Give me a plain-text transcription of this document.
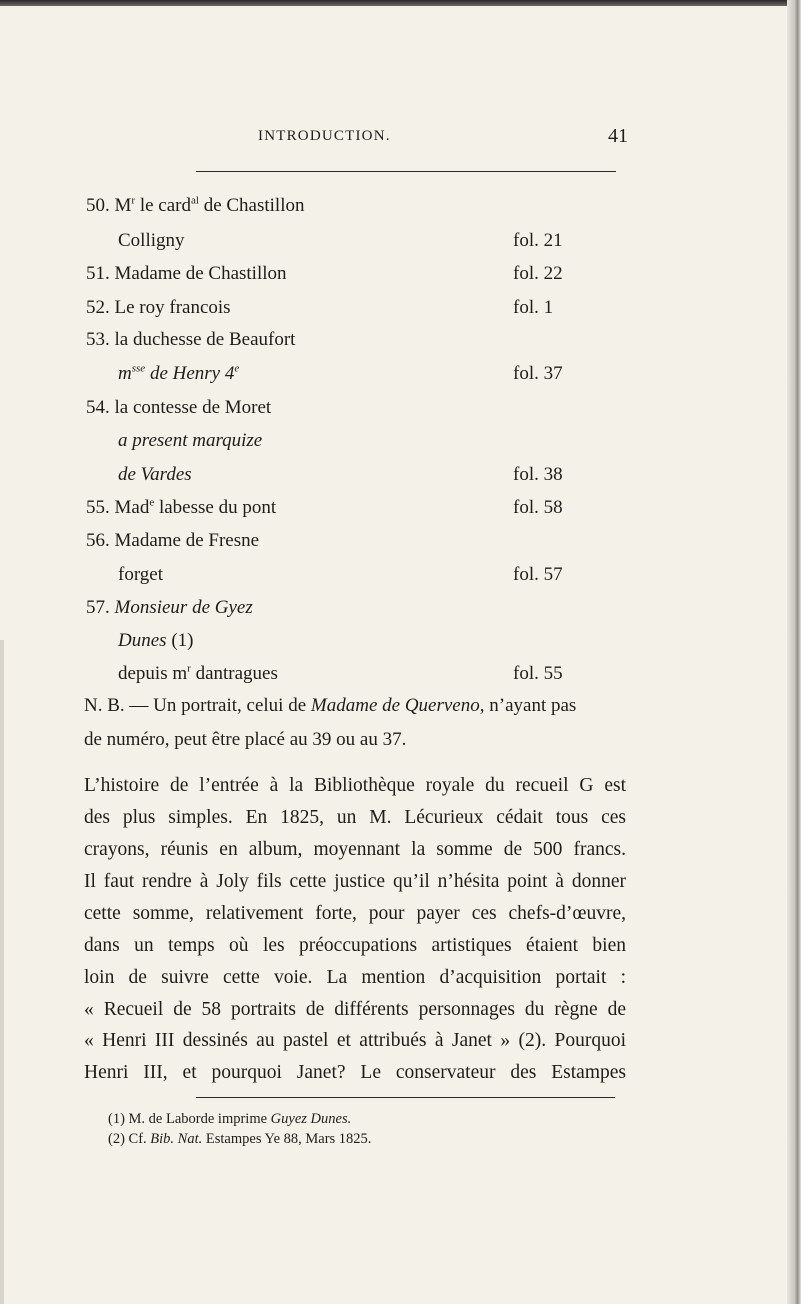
INTRODUCTION.	41
50. $M^r$ le card$^{al}$ de Chastillon
Colligny	fol. 21
51. Madame de Chastillon	fol. 22
52. Le roy francois	fol. 1
53. la duchesse de Beaufort
$m^{sse}$ de Henry 4e	fol. 37
54. la contesse de Moret
a present marquize
de Vardes	fol. 38
55. Mad$^e$ labesse du pont	fol. 58
56. Madame de Fresne
forget	fol. 57
57. Monsieur de Gyez
Dunes (1)
depuis $m^r$ dantragues	fol. 55
N. B. — Un portrait, celui de Madame de Querveno, n’ayant pas
de numéro, peut être placé au 39 ou au 37.
L’histoire de l’entrée à la Bibliothèque royale du recueil G est
des plus simples. En 1825, un M. Lécurieux cédait tous ces
crayons, réunis en album, moyennant la somme de 500 francs.
Il faut rendre à Joly fils cette justice qu’il n’hésita point à donner
cette somme, relativement forte, pour payer ces chefs-d’œuvre,
dans un temps où les préoccupations artistiques étaient bien
loin de suivre cette voie. La mention d’acquisition portait :
« Recueil de 58 portraits de différents personnages du règne de
« Henri III dessinés au pastel et attribués à Janet » (2). Pourquoi
Henri III, et pourquoi Janet? Le conservateur des Estampes
(1) M. de Laborde imprime Guyez Dunes.
(2) Cf. Bib. Nat. Estampes Ye 88, Mars 1825.
